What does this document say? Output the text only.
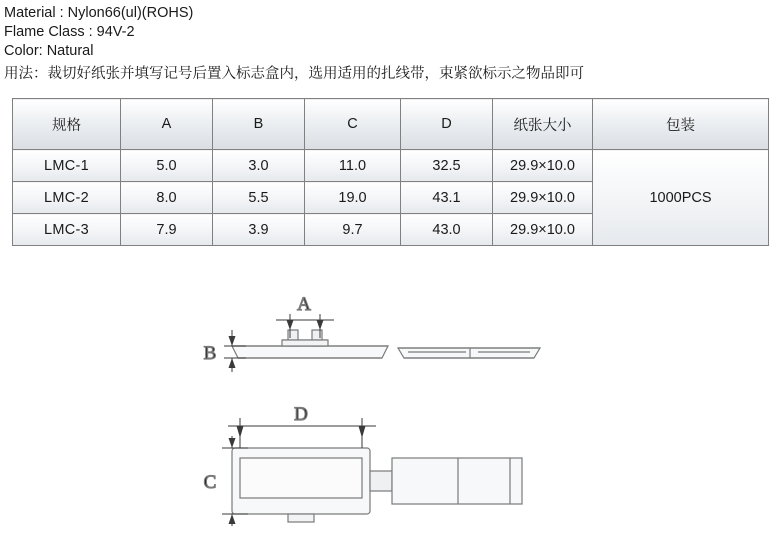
Material : Nylon66(ul)(ROHS)
Flame Class : 94V-2
Color: Natural
用法：裁切好纸张并填写记号后置入标志盒内，选用适用的扎线带，束紧欲标示之物品即可
规格	A	B	C	D	纸张大小	包装
LMC-1	5.0	3.0	11.0	32.5	29.9×10.0	1000PCS
LMC-2	8.0	5.5	19.0	43.1	29.9×10.0	
LMC-3	7.9	3.9	9.7	43.0	29.9×10.0	
A
B
D
C
